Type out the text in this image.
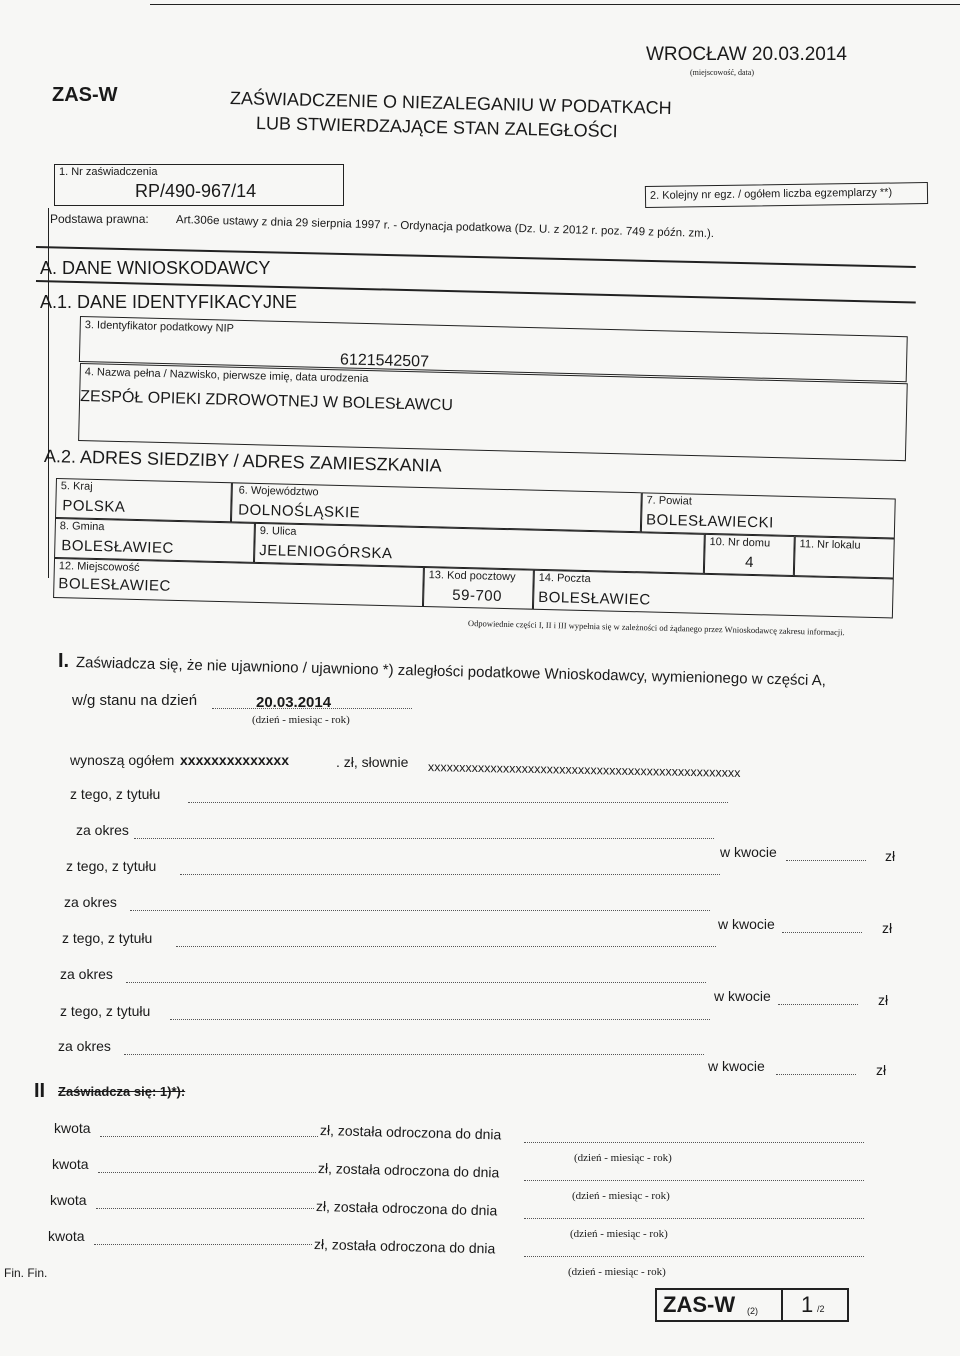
WROCŁAW 20.03.2014
(miejscowość, data)
ZAS-W	ZAŚWIADCZENIE O NIEZALEGANIU W PODATKACH
LUB STWIERDZAJĄCE STAN ZALEGŁOŚCI
1. Nr zaświadczenia
RP/490-967/14	2. Kolejny nr egz. / ogółem liczba egzemplarzy **)
Podstawa prawna: Art.306e ustawy z dnia 29 sierpnia 1997 r. - Ordynacja podatkowa (Dz. U. z 2012 r. poz. 749 z późn. zm.).
A. DANE WNIOSKODAWCY
A.1. DANE IDENTYFIKACYJNE
3. Identyfikator podatkowy NIP
6121542507
4. Nazwa pełna / Nazwisko, pierwsze imię, data urodzenia
ZESPÓŁ OPIEKI ZDROWOTNEJ W BOLESŁAWCU
A.2. ADRES SIEDZIBY / ADRES ZAMIESZKANIA
5. Kraj
POLSKA
6. Województwo
DOLNOŚLĄSKIE
7. Powiat
BOLESŁAWIECKI
8. Gmina
BOLESŁAWIEC
9. Ulica
JELENIOGÓRSKA	10. Nr domu
4
11. Nr lokalu
12. Miejscowość
BOLESŁAWIEC	13. Kod pocztowy
59-700
14. Poczta
BOLESŁAWIEC
Odpowiednie części I, II i III wypełnia się w zależności od żądanego przez Wnioskodawcę zakresu informacji.
I. Zaświadcza się, że nie ujawniono / ujawniono *) zaległości podatkowe Wnioskodawcy, wymienionego w części A,
w/g stanu na dzień	20.03.2014
(dzień - miesiąc - rok)
wynoszą ogółem xxxxxxxxxxxxxx	. zł, słownie xxxxxxxxxxxxxxxxxxxxxxxxxxxxxxxxxxxxxxxxxxxxxxxxxx
z tego, z tytułu
za okres
w kwocie	zł
z tego, z tytułu
za okres
w kwocie	zł
z tego, z tytułu
za okres
w kwocie	zł
z tego, z tytułu
za okres
w kwocie	zł
II Zaświadcza się: 1)*):
kwota	zł, została odroczona do dnia
(dzień - miesiąc - rok)
kwota	zł, została odroczona do dnia
(dzień - miesiąc - rok)
kwota	zł, została odroczona do dnia
(dzień - miesiąc - rok)
kwota
zł, została odroczona do dnia
(dzień - miesiąc - rok)
Fin. Fin.
ZAS-W (2) 1 /2
